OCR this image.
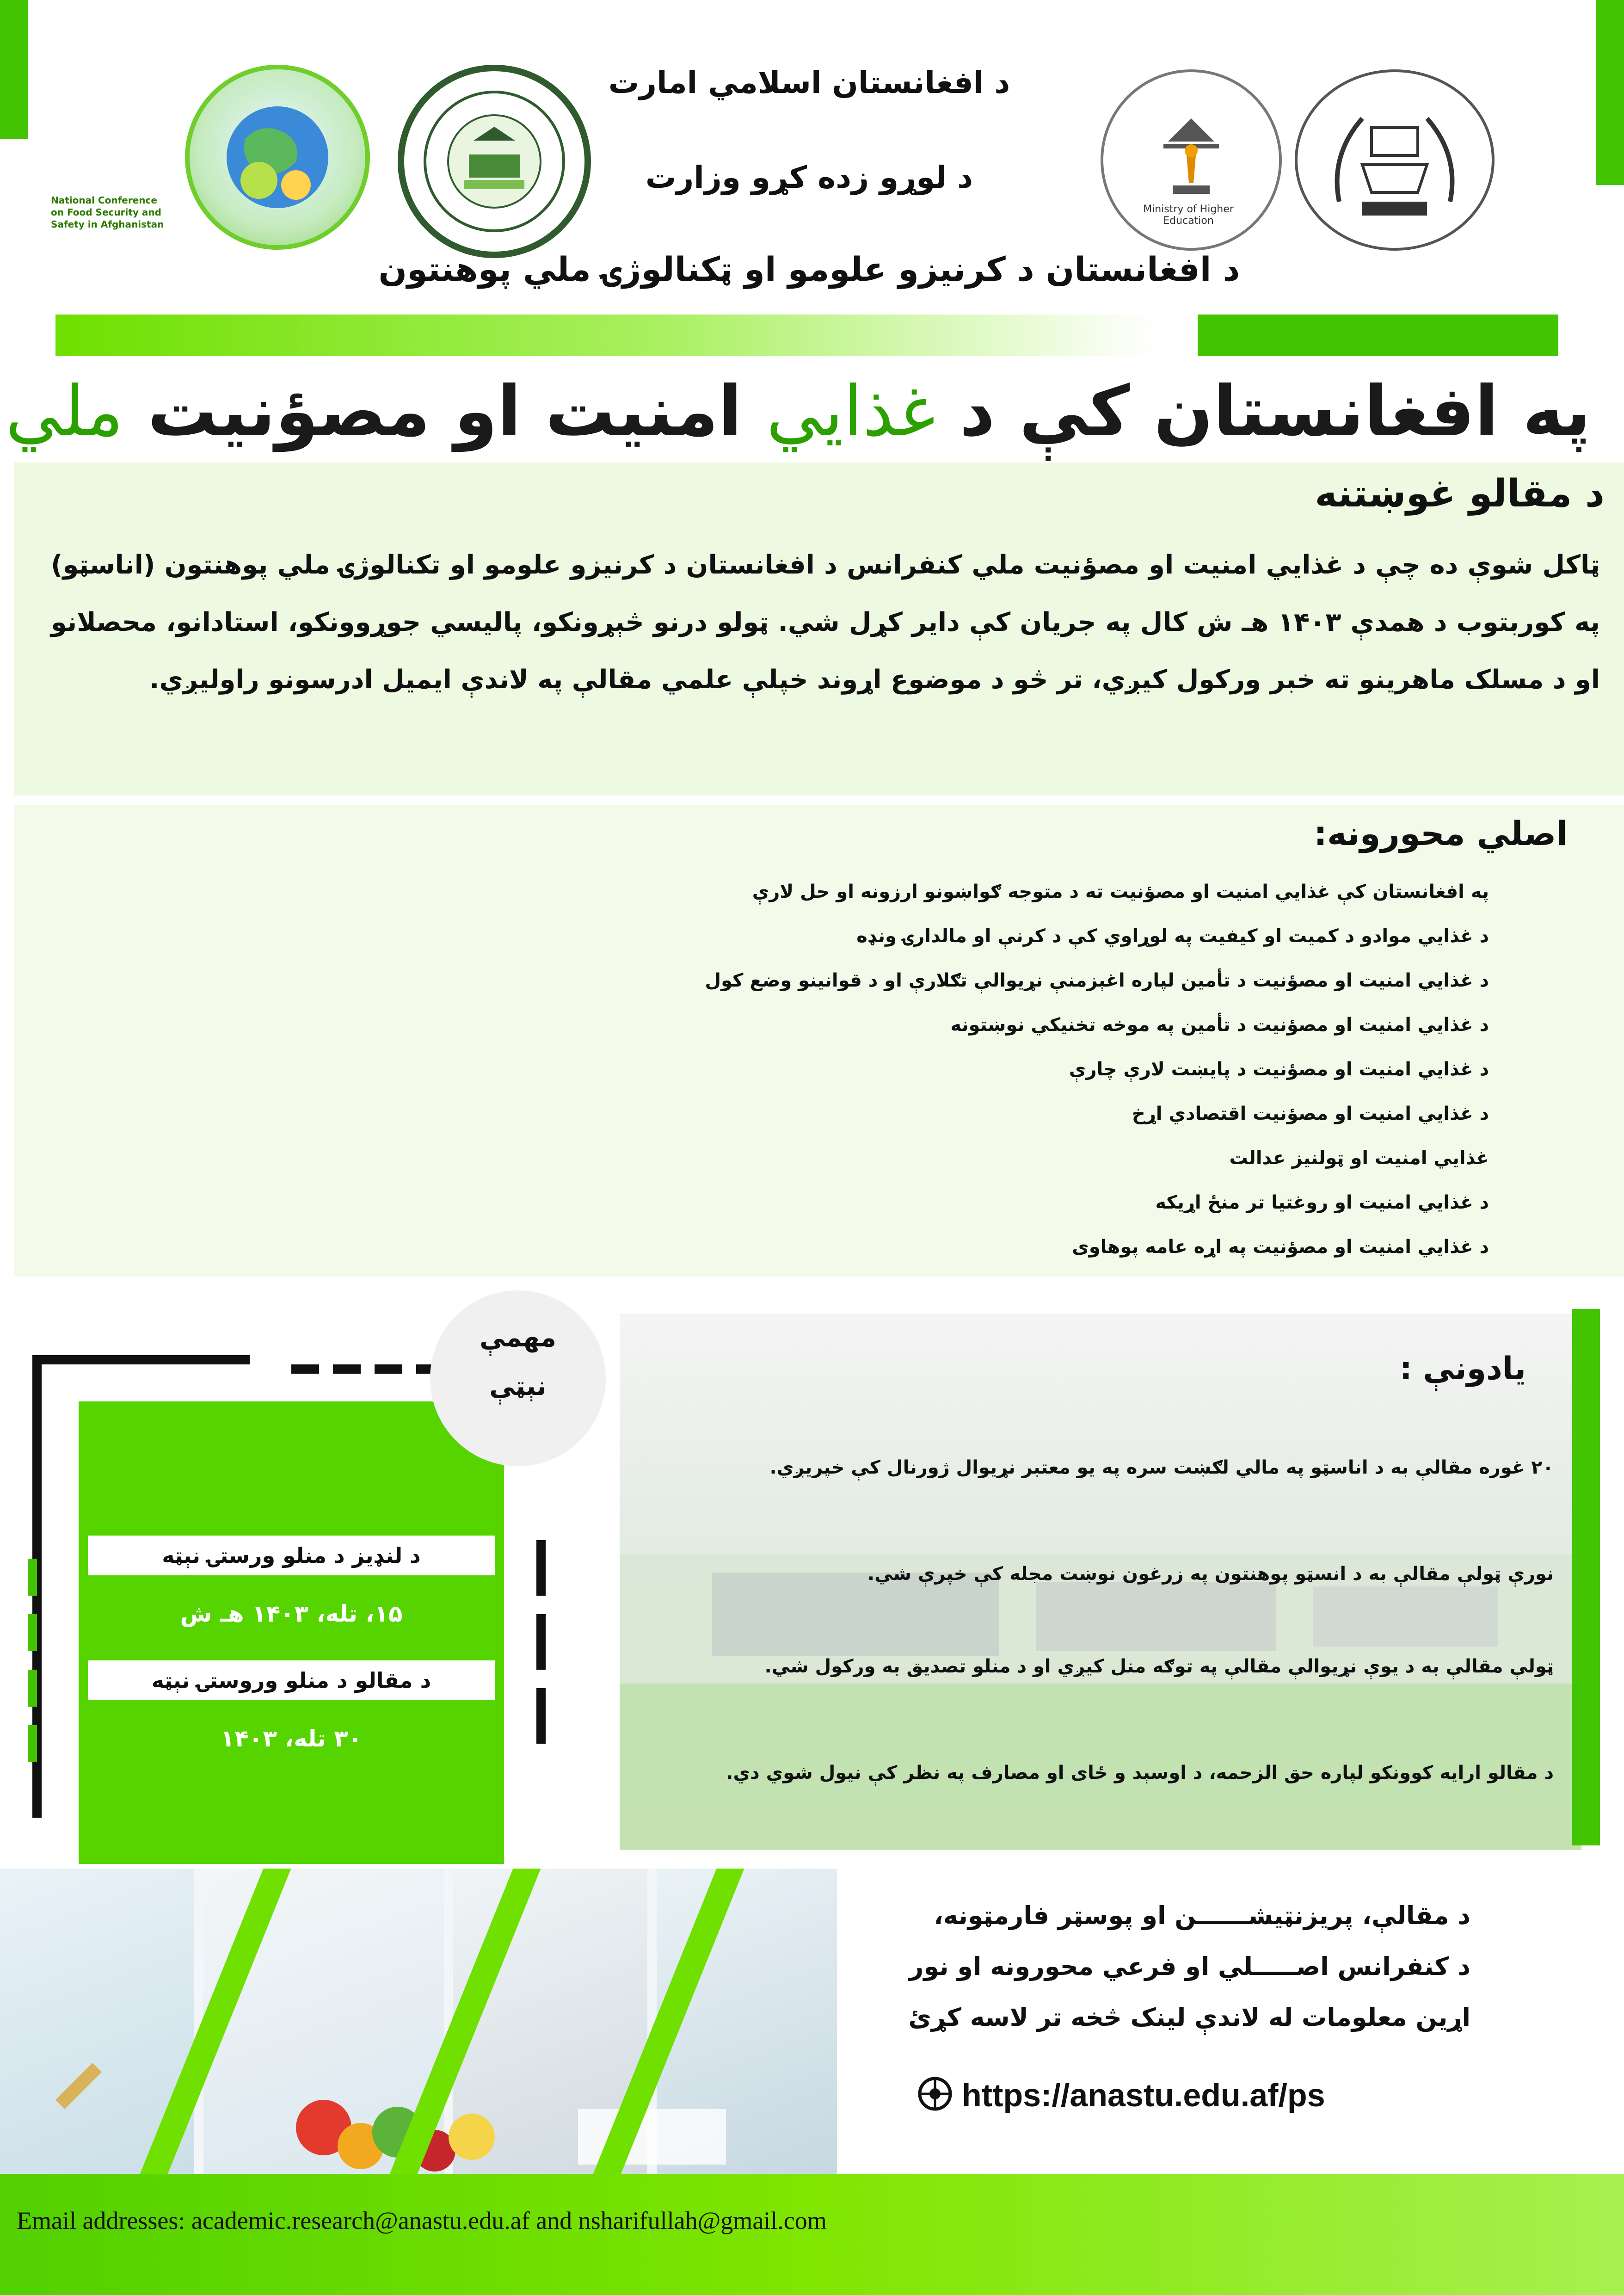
National Conference on Food Security and Safety in Afghanistan
د افغانستان اسلامي امارت
د لوړو زده کړو وزارت
د افغانستان د کرنیزو علومو او ټکنالوژۍ ملي پوهنتون
Ministry of Higher Education
په افغانستان کې د غذايي امنيت او مصؤنيت ملي
د مقالو غوښتنه
ټاکل شوې ده چې د غذايي امنيت او مصؤنيت ملي کنفرانس د افغانستان د کرنيزو علومو او تکنالوژۍ ملي پوهنتون (اناسټو) په کوربتوب د همدې ۱۴۰۳ هـ ش کال په جريان کې داير کړل شي. ټولو درنو څېړونکو، پاليسي جوړوونکو، استادانو، محصلانو او د مسلک ماهرينو ته خبر ورکول کيږي، تر څو د موضوع اړوند خپلې علمي مقالې په لاندې ايميل ادرسونو راوليږي.
اصلي محورونه:
په افغانستان کې غذايي امنيت او مصؤنيت ته د متوجه ګواښونو ارزونه او حل لارې
د غذايي موادو د کميت او کيفيت په لوړاوي کې د کرنې او مالدارۍ ونډه
د غذايي امنيت او مصؤنيت د تأمين لپاره اغېزمنې نړيوالې تګلارې او د قوانينو وضع کول
د غذايي امنيت او مصؤنيت د تأمين په موخه تخنيکي نوښتونه
د غذايي امنيت او مصؤنيت د پايښت لارې چارې
د غذايي امنيت او مصؤنيت اقتصادي اړخ
غذايي امنيت او ټولنيز عدالت
د غذايي امنيت او روغتيا تر منځ اړيکه
د غذايي امنيت او مصؤنيت په اړه عامه پوهاوی
مهمې
نېټې
د لنډيز د منلو ورستۍ نېټه
۱۵، تله، ۱۴۰۳ هـ ش
د مقالو د منلو وروستۍ نېټه
۳۰ تله، ۱۴۰۳
يادونې :
۲۰ غوره مقالې به د اناسټو په مالي لګښت سره په يو معتبر نړيوال ژورنال کې خپريږي.
نورې ټولې مقالې به د انسټو پوهنتون په زرغون نوښت مجله کې خپرې شي.
ټولې مقالې به د يوې نړيوالې مقالې په توګه منل کيږي او د منلو تصديق به ورکول شي.
د مقالو ارايه کوونکو لپاره حق الزحمه، د اوسېد و ځای او مصارف په نظر کې نيول شوي دي.
د مقالې، پريزنټيشــــــن او پوسټر فارمټونه،
د کنفرانس اصـــــلي او فرعي محورونه او نور
اړين معلومات له لاندې لينک څخه تر لاسه کړئ
https://anastu.edu.af/ps
Email addresses: academic.research@anastu.edu.af and nsharifullah@gmail.com
